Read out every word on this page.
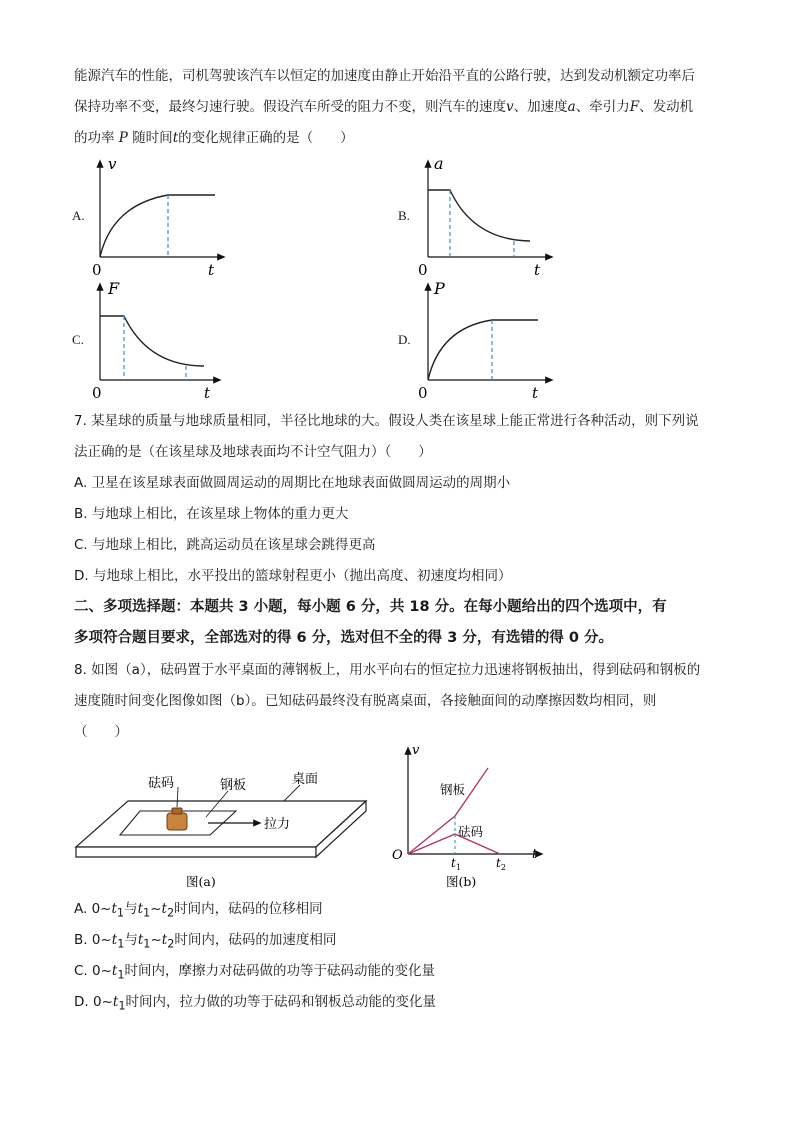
能源汽车的性能，司机驾驶该汽车以恒定的加速度由静止开始沿平直的公路行驶，达到发动机额定功率后
保持功率不变，最终匀速行驶。假设汽车所受的阻力不变，则汽车的速度v、加速度a、牵引力F、发动机
的功率 P 随时间t的变化规律正确的是（　　）
A.
v
t
0
B.
a
t
0
C.
F
t
0
D.
P
t
0
7. 某星球的质量与地球质量相同，半径比地球的大。假设人类在该星球上能正常进行各种活动，则下列说
法正确的是（在该星球及地球表面均不计空气阻力）（　　）
A. 卫星在该星球表面做圆周运动的周期比在地球表面做圆周运动的周期小
B. 与地球上相比，在该星球上物体的重力更大
C. 与地球上相比，跳高运动员在该星球会跳得更高
D. 与地球上相比，水平投出的篮球射程更小（抛出高度、初速度均相同）
二、多项选择题：本题共 3 小题，每小题 6 分，共 18 分。在每小题给出的四个选项中，有
多项符合题目要求，全部选对的得 6 分，选对但不全的得 3 分，有选错的得 0 分。
8. 如图（a），砝码置于水平桌面的薄钢板上，用水平向右的恒定拉力迅速将钢板抽出，得到砝码和钢板的
速度随时间变化图像如图（b）。已知砝码最终没有脱离桌面，各接触面间的动摩擦因数均相同，则
（　　）
砝码	钢板	桌面
拉力
图(a)
v
t
O
钢板
砝码
$t_1$	$t_2$
图(b)
A. $0\sim t_1$与$t_1\sim t_2$时间内，砝码的位移相同
B. $0\sim t_1$与$t_1\sim t_2$时间内，砝码的加速度相同
C. $0\sim t_1$时间内，摩擦力对砝码做的功等于砝码动能的变化量
D. $0\sim t_1$时间内，拉力做的功等于砝码和钢板总动能的变化量
